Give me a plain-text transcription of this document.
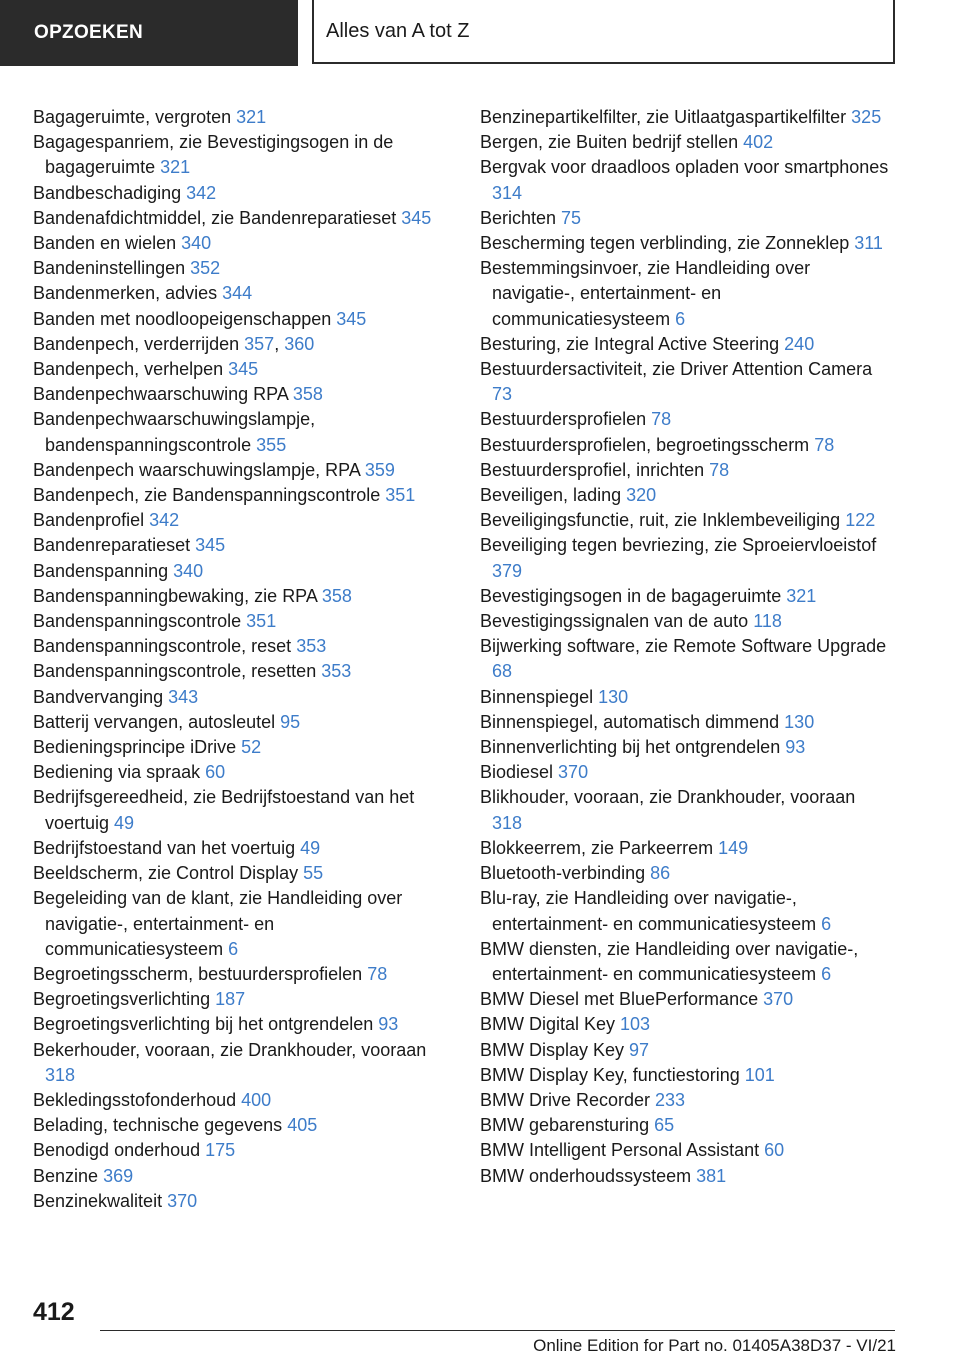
OPZOEKEN	Alles van A tot Z
Bagageruimte, vergroten 321
Bagagespanriem, zie Bevestigingsogen in de bagageruimte 321
Bandbeschadiging 342
Bandenafdichtmiddel, zie Bandenreparatieset 345
Banden en wielen 340
Bandeninstellingen 352
Bandenmerken, advies 344
Banden met noodloopeigenschappen 345
Bandenpech, verderrijden 357, 360
Bandenpech, verhelpen 345
Bandenpechwaarschuwing RPA 358
Bandenpechwaarschuwingslampje, bandenspanningscontrole 355
Bandenpech waarschuwingslampje, RPA 359
Bandenpech, zie Bandenspanningscontrole 351
Bandenprofiel 342
Bandenreparatieset 345
Bandenspanning 340
Bandenspanningbewaking, zie RPA 358
Bandenspanningscontrole 351
Bandenspanningscontrole, reset 353
Bandenspanningscontrole, resetten 353
Bandvervanging 343
Batterij vervangen, autosleutel 95
Bedieningsprincipe iDrive 52
Bediening via spraak 60
Bedrijfsgereedheid, zie Bedrijfstoestand van het voertuig 49
Bedrijfstoestand van het voertuig 49
Beeldscherm, zie Control Display 55
Begeleiding van de klant, zie Handleiding over navigatie-, entertainment- en communicatiesysteem 6
Begroetingsscherm, bestuurdersprofielen 78
Begroetingsverlichting 187
Begroetingsverlichting bij het ontgrendelen 93
Bekerhouder, vooraan, zie Drankhouder, vooraan 318
Bekledingsstofonderhoud 400
Belading, technische gegevens 405
Benodigd onderhoud 175
Benzine 369
Benzinekwaliteit 370
Benzinepartikelfilter, zie Uitlaatgaspartikelfilter 325
Bergen, zie Buiten bedrijf stellen 402
Bergvak voor draadloos opladen voor smartphones 314
Berichten 75
Bescherming tegen verblinding, zie Zonneklep 311
Bestemmingsinvoer, zie Handleiding over navigatie-, entertainment- en communicatiesysteem 6
Besturing, zie Integral Active Steering 240
Bestuurdersactiviteit, zie Driver Attention Camera 73
Bestuurdersprofielen 78
Bestuurdersprofielen, begroetingsscherm 78
Bestuurdersprofiel, inrichten 78
Beveiligen, lading 320
Beveiligingsfunctie, ruit, zie Inklembeveiliging 122
Beveiliging tegen bevriezing, zie Sproeiervloeistof 379
Bevestigingsogen in de bagageruimte 321
Bevestigingssignalen van de auto 118
Bijwerking software, zie Remote Software Upgrade 68
Binnenspiegel 130
Binnenspiegel, automatisch dimmend 130
Binnenverlichting bij het ontgrendelen 93
Biodiesel 370
Blikhouder, vooraan, zie Drankhouder, vooraan 318
Blokkeerrem, zie Parkeerrem 149
Bluetooth-verbinding 86
Blu-ray, zie Handleiding over navigatie-, entertainment- en communicatiesysteem 6
BMW diensten, zie Handleiding over navigatie-, entertainment- en communicatiesysteem 6
BMW Diesel met BluePerformance 370
BMW Digital Key 103
BMW Display Key 97
BMW Display Key, functiestoring 101
BMW Drive Recorder 233
BMW gebarensturing 65
BMW Intelligent Personal Assistant 60
BMW onderhoudssysteem 381
412
Online Edition for Part no. 01405A38D37 - VI/21
